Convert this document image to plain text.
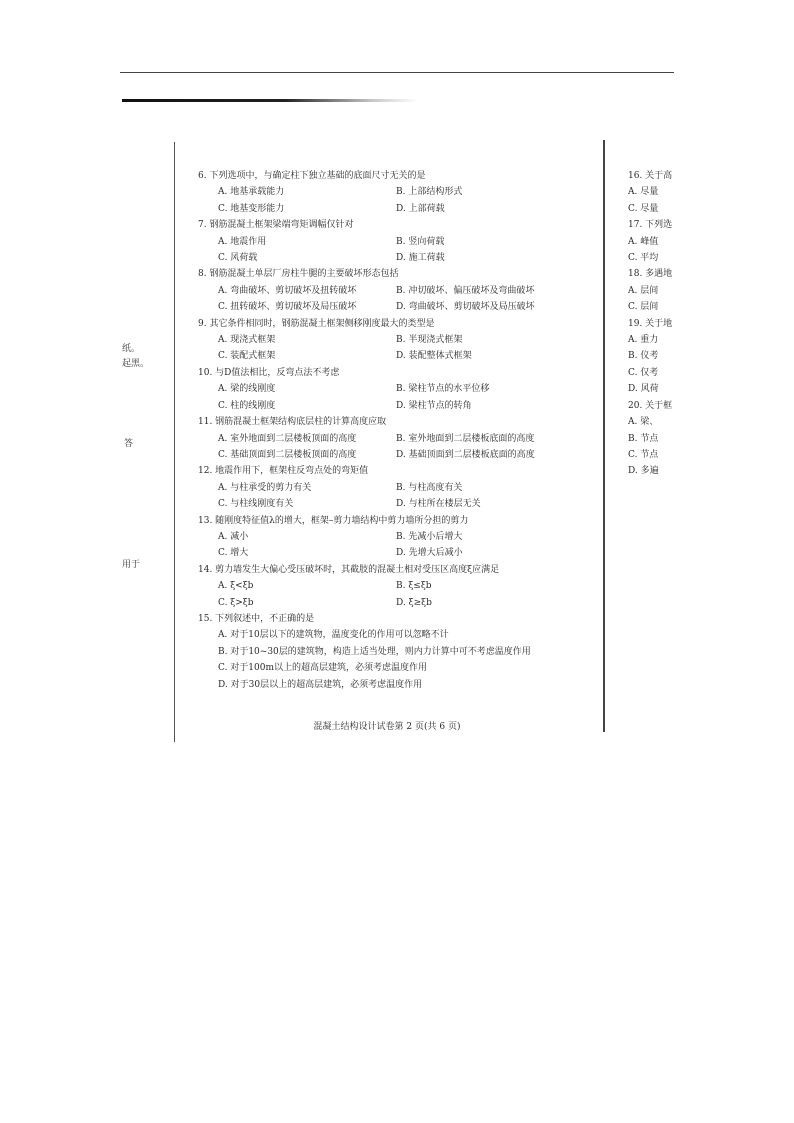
纸。
起黑。
答
用于
6. 下列选项中，与确定柱下独立基础的底面尺寸无关的是
A. 地基承载能力	B. 上部结构形式
C. 地基变形能力	D. 上部荷载
7. 钢筋混凝土框架梁端弯矩调幅仅针对
A. 地震作用	B. 竖向荷载
C. 风荷载	D. 施工荷载
8. 钢筋混凝土单层厂房柱牛腿的主要破坏形态包括
A. 弯曲破坏、剪切破坏及扭转破坏	B. 冲切破坏、偏压破坏及弯曲破坏
C. 扭转破坏、剪切破坏及局压破坏	D. 弯曲破坏、剪切破坏及局压破坏
9. 其它条件相同时，钢筋混凝土框架侧移刚度最大的类型是
A. 现浇式框架	B. 半现浇式框架
C. 装配式框架	D. 装配整体式框架
10. 与D值法相比，反弯点法不考虑
A. 梁的线刚度	B. 梁柱节点的水平位移
C. 柱的线刚度	D. 梁柱节点的转角
11. 钢筋混凝土框架结构底层柱的计算高度应取
A. 室外地面到二层楼板顶面的高度	B. 室外地面到二层楼板底面的高度
C. 基础顶面到二层楼板顶面的高度	D. 基础顶面到二层楼板底面的高度
12. 地震作用下，框架柱反弯点处的弯矩值
A. 与柱承受的剪力有关	B. 与柱高度有关
C. 与柱线刚度有关	D. 与柱所在楼层无关
13. 随刚度特征值λ的增大，框架–剪力墙结构中剪力墙所分担的剪力
A. 减小	B. 先减小后增大
C. 增大	D. 先增大后减小
14. 剪力墙发生大偏心受压破坏时，其截肢的混凝土相对受压区高度ξ应满足
A. ξ<ξb	B. ξ≤ξb
C. ξ>ξb	D. ξ≥ξb
15. 下列叙述中，不正确的是
A. 对于10层以下的建筑物，温度变化的作用可以忽略不计
B. 对于10~30层的建筑物，构造上适当处理，则内力计算中可不考虑温度作用
C. 对于100m以上的超高层建筑，必须考虑温度作用
D. 对于30层以上的超高层建筑，必须考虑温度作用
混凝土结构设计试卷第 2 页(共 6 页)
16. 关于高
A. 尽量
C. 尽量
17. 下列选
A. 峰值
C. 平均
18. 多遇地
A. 层间
C. 层间
19. 关于地
A. 重力
B. 仪考
C. 仅考
D. 风荷
20. 关于框
A. 梁、
B. 节点
C. 节点
D. 多遍
